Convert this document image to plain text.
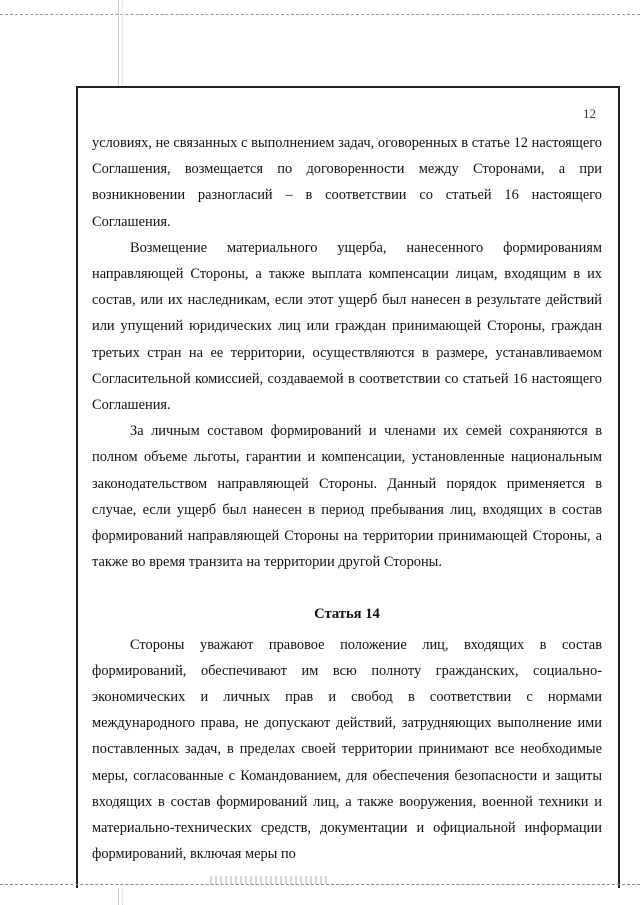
12

условиях, не связанных с выполнением задач, оговоренных в статье 12 настоящего Соглашения, возмещается по договоренности между Сторонами, а при возникновении разногласий – в соответствии со статьей 16 настоящего Соглашения.

Возмещение материального ущерба, нанесенного формированиям направляющей Стороны, а также выплата компенсации лицам, входящим в их состав, или их наследникам, если этот ущерб был нанесен в результате действий или упущений юридических лиц или граждан принимающей Стороны, граждан третьих стран на ее территории, осуществляются в размере, устанавливаемом Согласительной комиссией, создаваемой в соответствии со статьей 16 настоящего Соглашения.

За личным составом формирований и членами их семей сохраняются в полном объеме льготы, гарантии и компенсации, установленные национальным законодательством направляющей Стороны. Данный порядок применяется в случае, если ущерб был нанесен в период пребывания лиц, входящих в состав формирований направляющей Стороны на территории принимающей Стороны, а также во время транзита на территории другой Стороны.

Статья 14

Стороны уважают правовое положение лиц, входящих в состав формирований, обеспечивают им всю полноту гражданских, социально-экономических и личных прав и свобод в соответствии с нормами международного права, не допускают действий, затрудняющих выполнение ими поставленных задач, в пределах своей территории принимают все необходимые меры, согласованные с Командованием, для обеспечения безопасности и защиты входящих в состав формирований лиц, а также вооружения, военной техники и материально-технических средств, документации и официальной информации формирований, включая меры по
